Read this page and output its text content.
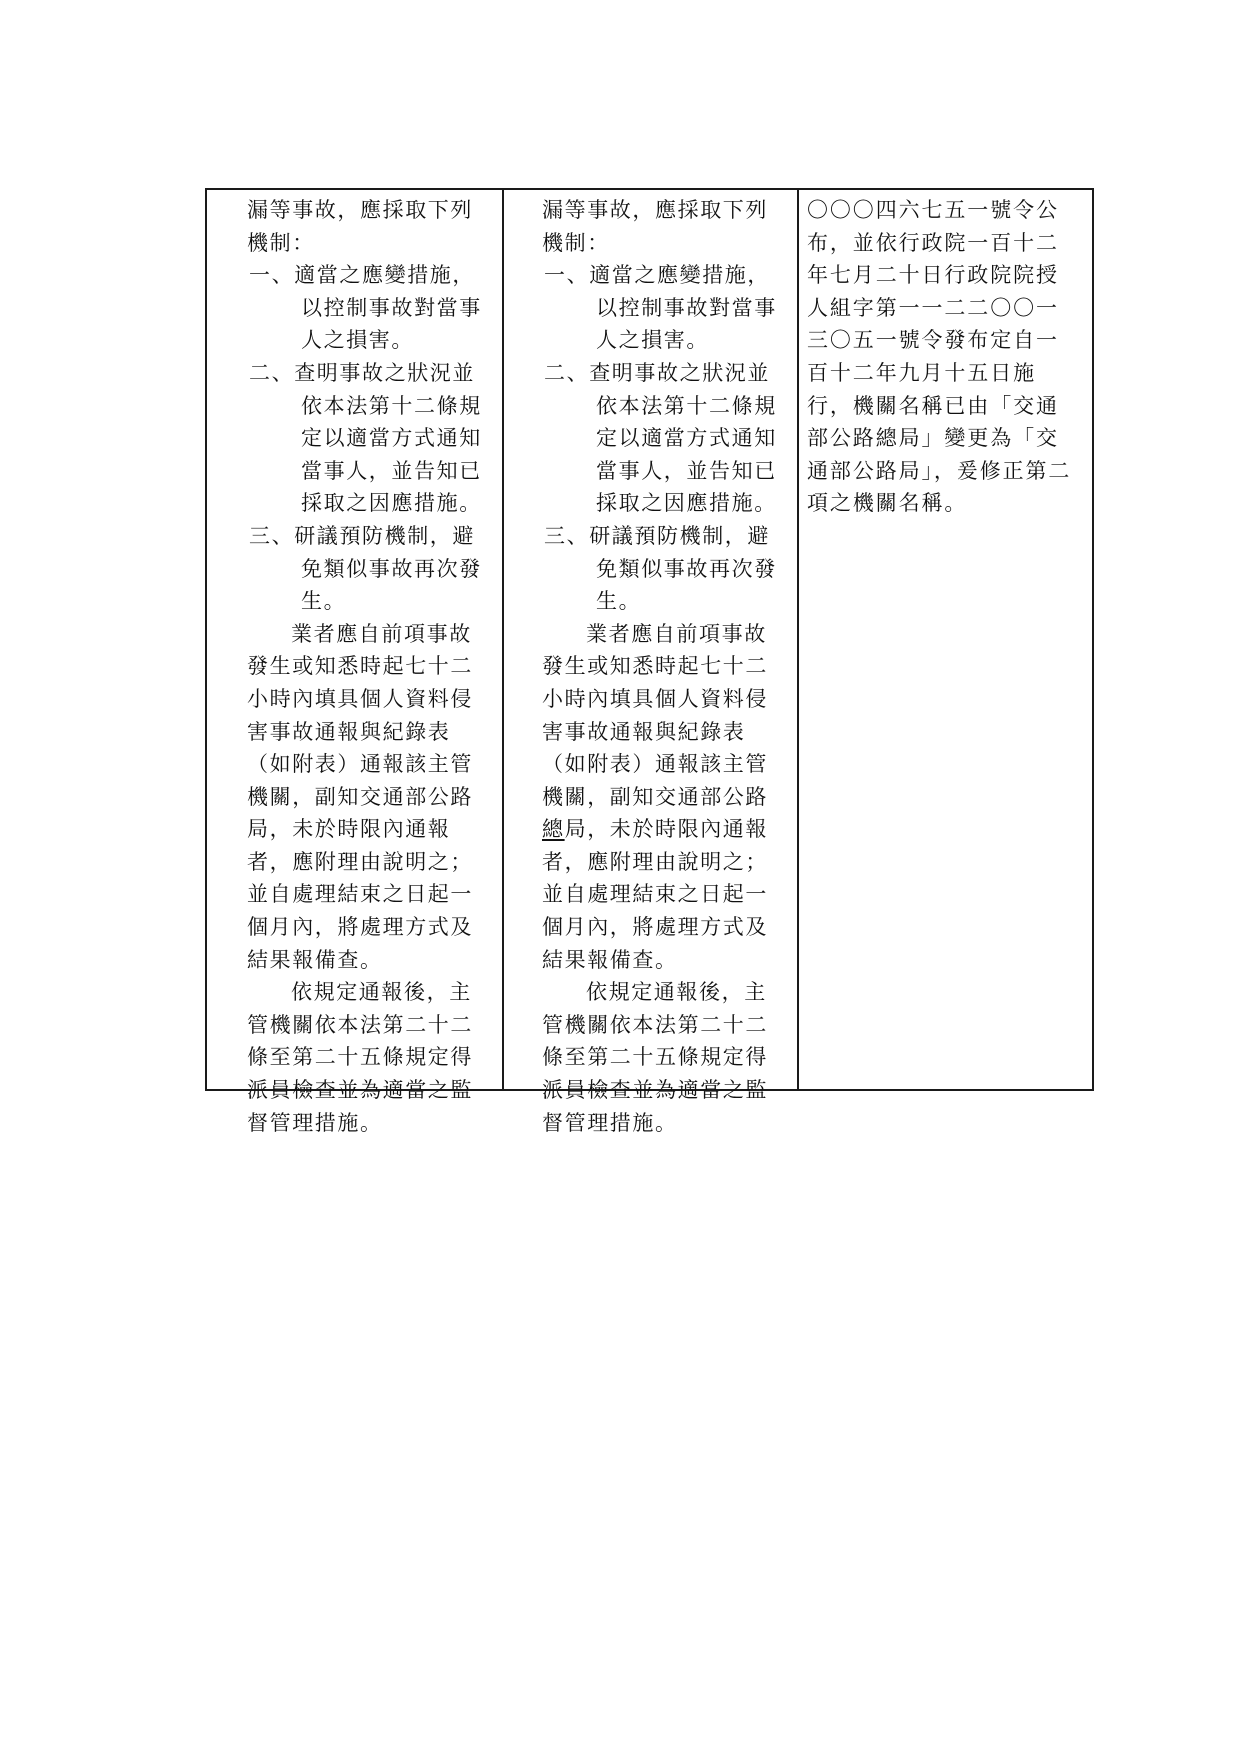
漏等事故，應採取下列
機制：
一、適當之應變措施，
以控制事故對當事
人之損害。
二、查明事故之狀況並
依本法第十二條規
定以適當方式通知
當事人，並告知已
採取之因應措施。
三、研議預防機制，避
免類似事故再次發
生。
業者應自前項事故
發生或知悉時起七十二
小時內填具個人資料侵
害事故通報與紀錄表
（如附表）通報該主管
機關，副知交通部公路
局，未於時限內通報
者，應附理由說明之；
並自處理結束之日起一
個月內，將處理方式及
結果報備查。
依規定通報後，主
管機關依本法第二十二
條至第二十五條規定得
派員檢查並為適當之監
督管理措施。
漏等事故，應採取下列
機制：
一、適當之應變措施，
以控制事故對當事
人之損害。
二、查明事故之狀況並
依本法第十二條規
定以適當方式通知
當事人，並告知已
採取之因應措施。
三、研議預防機制，避
免類似事故再次發
生。
業者應自前項事故
發生或知悉時起七十二
小時內填具個人資料侵
害事故通報與紀錄表
（如附表）通報該主管
機關，副知交通部公路
總局，未於時限內通報
者，應附理由說明之；
並自處理結束之日起一
個月內，將處理方式及
結果報備查。
依規定通報後，主
管機關依本法第二十二
條至第二十五條規定得
派員檢查並為適當之監
督管理措施。
〇〇〇四六七五一號令公
布，並依行政院一百十二
年七月二十日行政院院授
人組字第一一二二〇〇一
三〇五一號令發布定自一
百十二年九月十五日施
行，機關名稱已由「交通
部公路總局」變更為「交
通部公路局」，爰修正第二
項之機關名稱。
